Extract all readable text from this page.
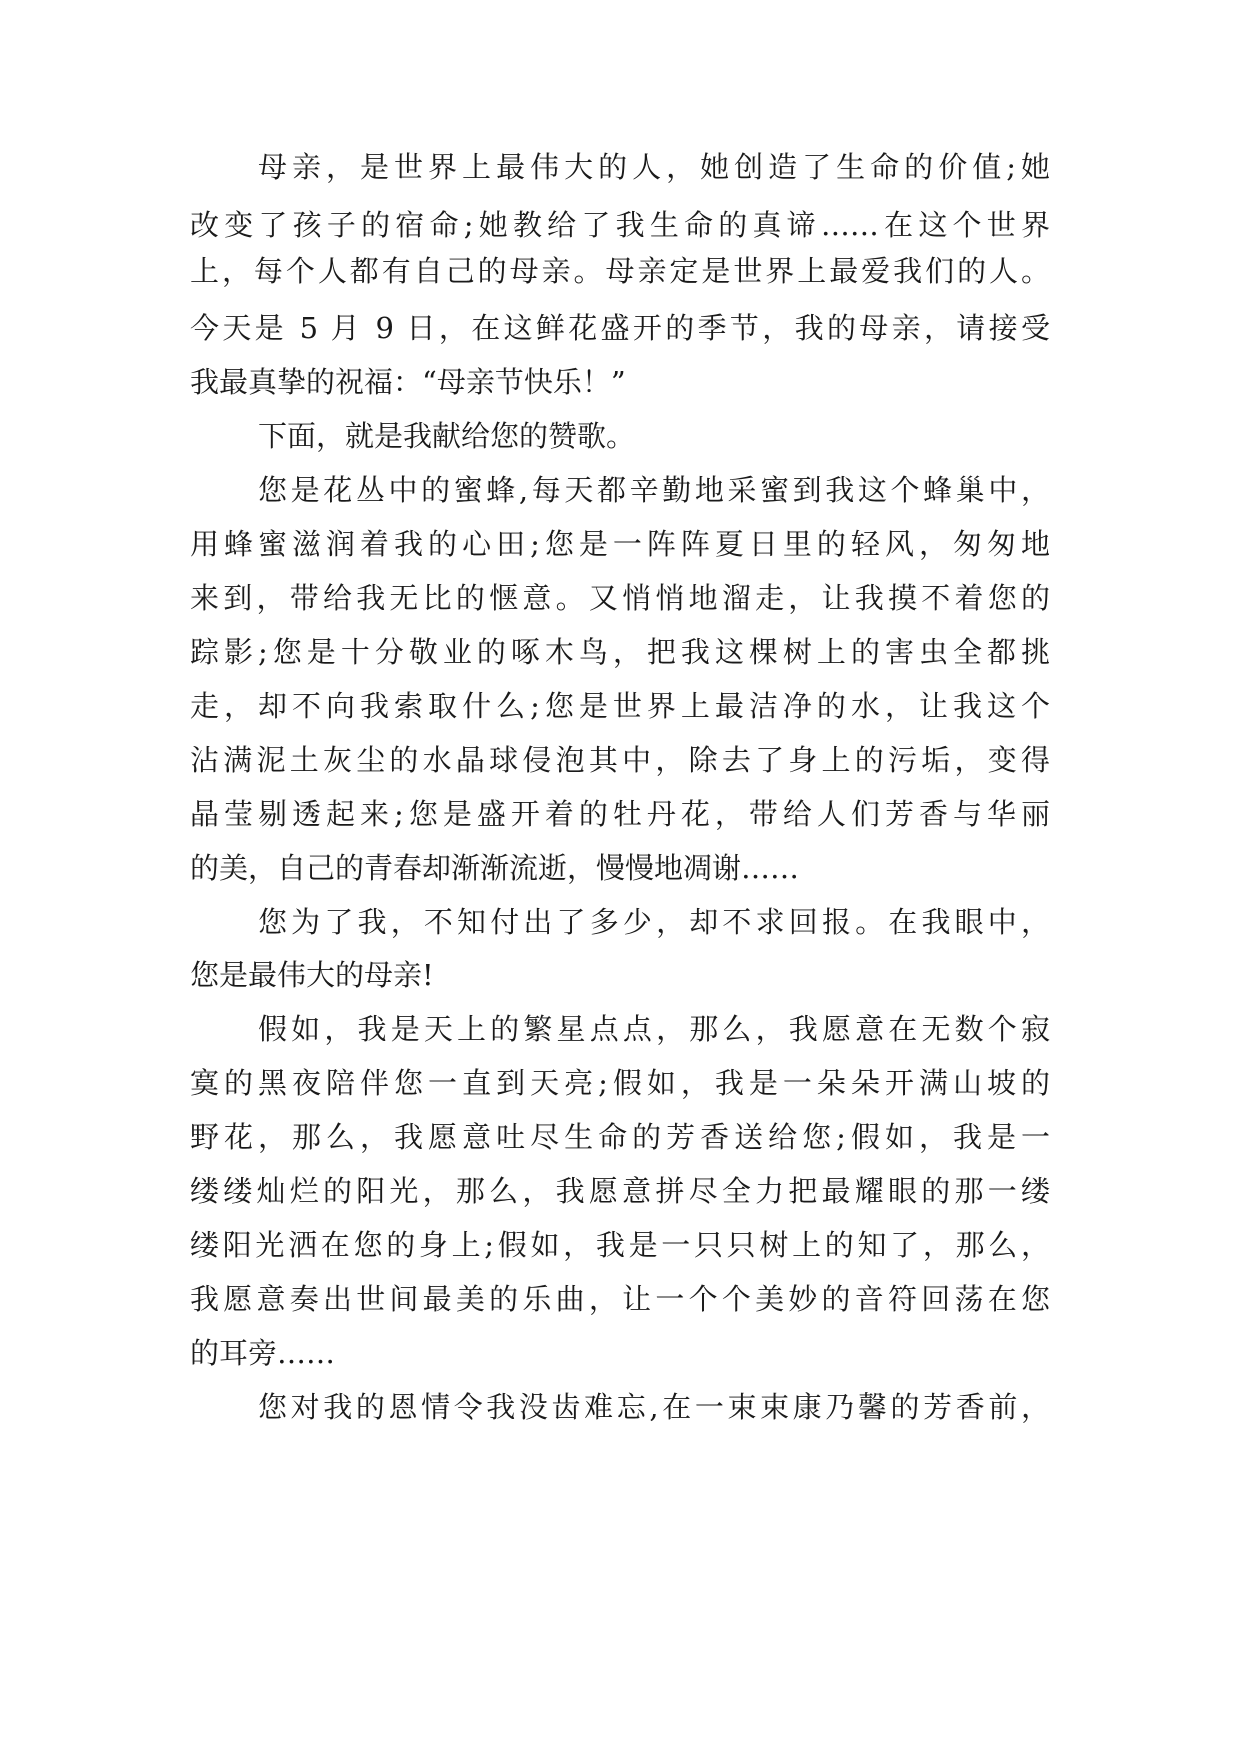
母亲，是世界上最伟大的人，她创造了生命的价值;她
改变了孩子的宿命;她教给了我生命的真谛……在这个世界
上，每个人都有自己的母亲。母亲定是世界上最爱我们的人。
今天是 5 月 9 日，在这鲜花盛开的季节，我的母亲，请接受
我最真挚的祝福：“母亲节快乐！”
下面，就是我献给您的赞歌。
您是花丛中的蜜蜂,每天都辛勤地采蜜到我这个蜂巢中，
用蜂蜜滋润着我的心田;您是一阵阵夏日里的轻风，匆匆地
来到，带给我无比的惬意。又悄悄地溜走，让我摸不着您的
踪影;您是十分敬业的啄木鸟，把我这棵树上的害虫全都挑
走，却不向我索取什么;您是世界上最洁净的水，让我这个
沾满泥土灰尘的水晶球侵泡其中，除去了身上的污垢，变得
晶莹剔透起来;您是盛开着的牡丹花，带给人们芳香与华丽
的美，自己的青春却渐渐流逝，慢慢地凋谢……
您为了我，不知付出了多少，却不求回报。在我眼中，
您是最伟大的母亲!
假如，我是天上的繁星点点，那么，我愿意在无数个寂
寞的黑夜陪伴您一直到天亮;假如，我是一朵朵开满山坡的
野花，那么，我愿意吐尽生命的芳香送给您;假如，我是一
缕缕灿烂的阳光，那么，我愿意拼尽全力把最耀眼的那一缕
缕阳光洒在您的身上;假如，我是一只只树上的知了，那么，
我愿意奏出世间最美的乐曲，让一个个美妙的音符回荡在您
的耳旁……
您对我的恩情令我没齿难忘,在一束束康乃馨的芳香前，
